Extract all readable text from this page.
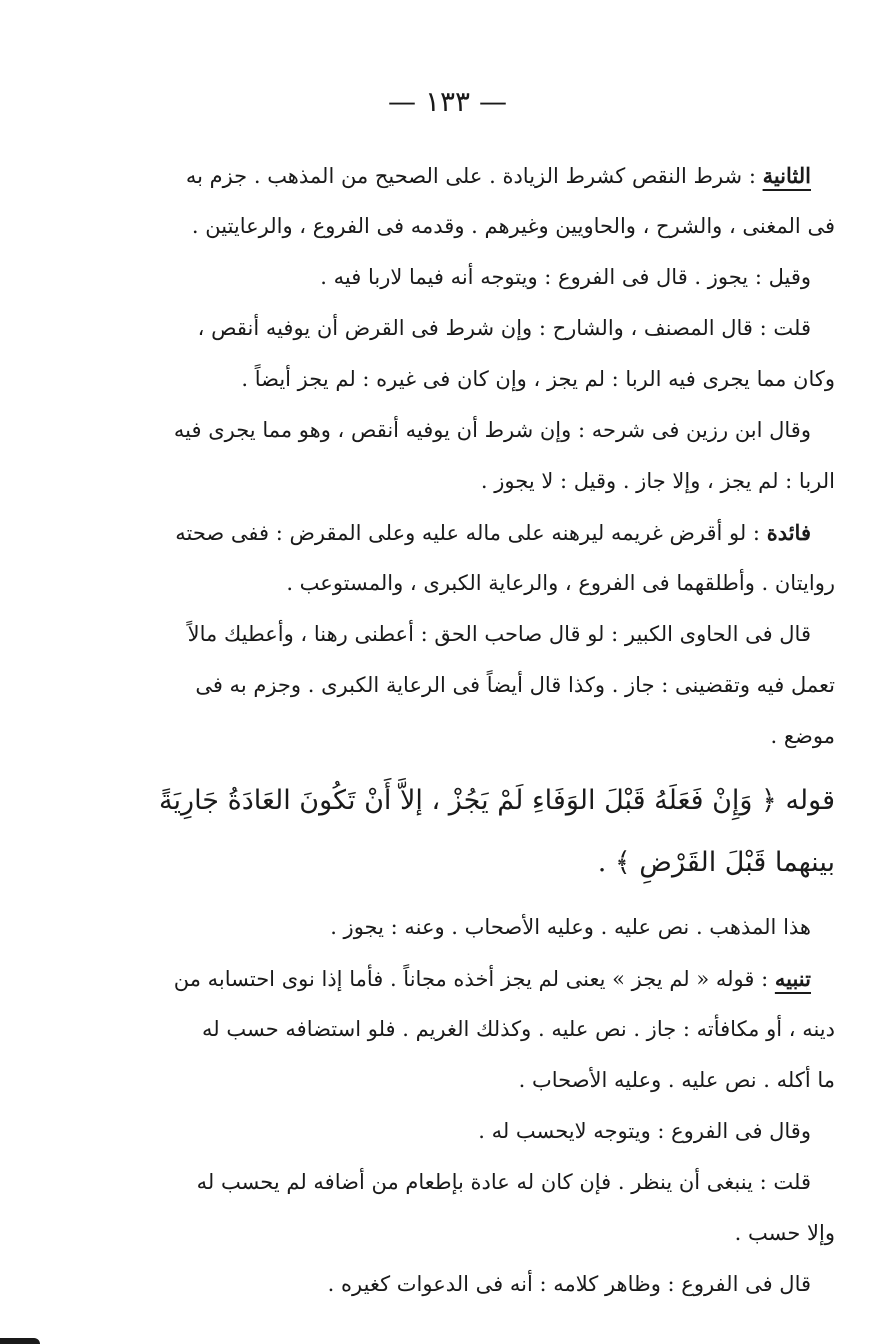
— ١٣٣ —
الثانية : شرط النقص كشرط الزيادة . على الصحيح من المذهب . جزم به
فى المغنى ، والشرح ، والحاويين وغيرهم . وقدمه فى الفروع ، والرعايتين .
وقيل : يجوز . قال فى الفروع : ويتوجه أنه فيما لاربا فيه .
قلت : قال المصنف ، والشارح : وإن شرط فى القرض أن يوفيه أنقص ،
وكان مما يجرى فيه الربا : لم يجز ، وإن كان فى غيره : لم يجز أيضاً .
وقال ابن رزين فى شرحه : وإن شرط أن يوفيه أنقص ، وهو مما يجرى فيه
الربا : لم يجز ، وإلا جاز . وقيل : لا يجوز .
فائدة : لو أقرض غريمه ليرهنه على ماله عليه وعلى المقرض : ففى صحته
روايتان . وأطلقهما فى الفروع ، والرعاية الكبرى ، والمستوعب .
قال فى الحاوى الكبير : لو قال صاحب الحق : أعطنى رهنا ، وأعطيك مالاً
تعمل فيه وتقضينى : جاز . وكذا قال أيضاً فى الرعاية الكبرى . وجزم به فى
موضع .
قوله ﴿ وَإِنْ فَعَلَهُ قَبْلَ الوَفَاءِ لَمْ يَجُزْ ، إلاَّ أَنْ تَكُونَ العَادَةُ جَارِيَةً
بينهما قَبْلَ القَرْضِ ﴾ .
هذا المذهب . نص عليه . وعليه الأصحاب . وعنه : يجوز .
تنبيه : قوله « لم يجز » يعنى لم يجز أخذه مجاناً . فأما إذا نوى احتسابه من
دينه ، أو مكافأته : جاز . نص عليه . وكذلك الغريم . فلو استضافه حسب له
ما أكله . نص عليه . وعليه الأصحاب .
وقال فى الفروع : ويتوجه لايحسب له .
قلت : ينبغى أن ينظر . فإن كان له عادة بإطعام من أضافه لم يحسب له
وإلا حسب .
قال فى الفروع : وظاهر كلامه : أنه فى الدعوات كغيره .
